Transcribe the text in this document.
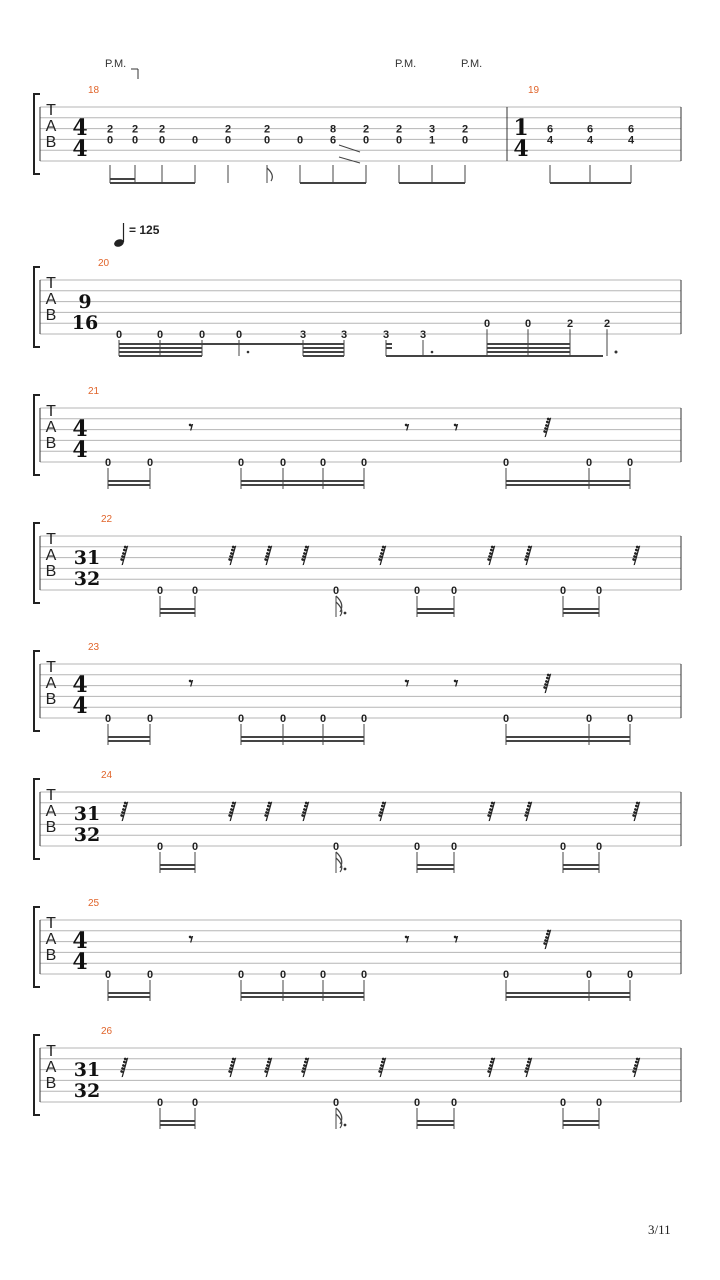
T
A
B
18
4
4
2
0
2
0
2
0 0
2
0
2
0 0
8
6
2
0
2
0
3
1
2
0
P.M.	P.M.	P.M.
19
1
4
6
4
6
4
6
4
= 125
T
A
B
20
9
16
0	0	0	0	3	3	3	3
0	0	2	2
T
A
B
21
4
4 0	0	0	0	0	0	0	0	0
𝄾	𝄾	𝄾	𝅂
T
A
B
22
31
32
0	0	0	0	0	0	0
𝅂	𝅂 𝅂 𝅂	𝅂	𝅂 𝅂	𝅂
T
A
B
23
4
4 0	0	0	0	0	0	0	0	0
𝄾	𝄾	𝄾	𝅂
T
A
B
24
31
32
0	0	0	0	0	0	0
𝅂	𝅂 𝅂 𝅂	𝅂	𝅂 𝅂	𝅂
T
A
B
25
4
4 0	0	0	0	0	0	0	0	0
𝄾	𝄾	𝄾	𝅂
T
A
B
26
31
32
0	0	0	0	0	0	0
𝅂	𝅂 𝅂 𝅂	𝅂	𝅂 𝅂	𝅂
3/11
